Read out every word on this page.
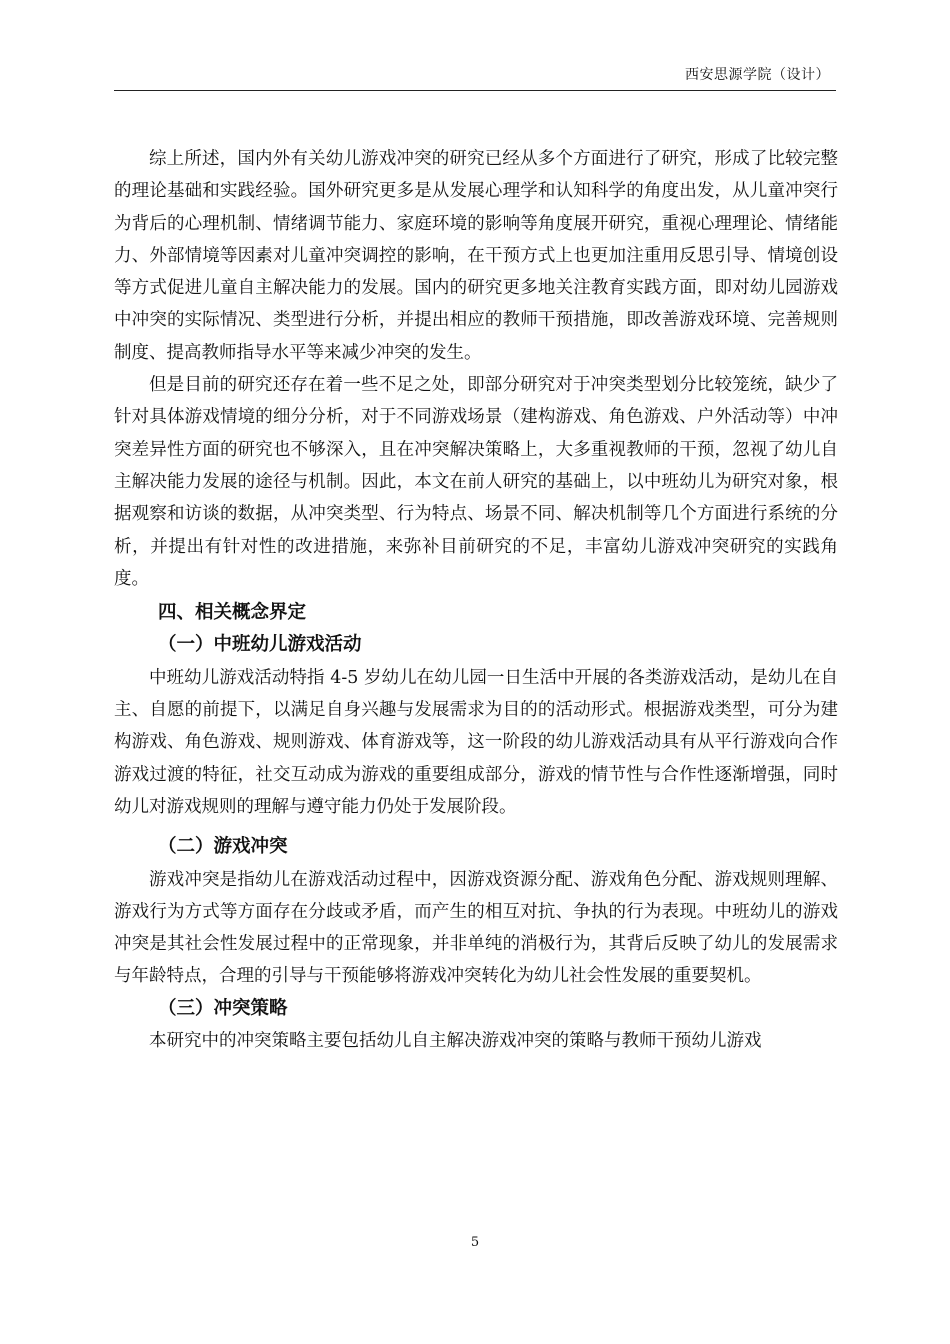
西安思源学院（设计）

综上所述，国内外有关幼儿游戏冲突的研究已经从多个方面进行了研究，形成了比较完整的理论基础和实践经验。国外研究更多是从发展心理学和认知科学的角度出发，从儿童冲突行为背后的心理机制、情绪调节能力、家庭环境的影响等角度展开研究，重视心理理论、情绪能力、外部情境等因素对儿童冲突调控的影响，在干预方式上也更加注重用反思引导、情境创设等方式促进儿童自主解决能力的发展。国内的研究更多地关注教育实践方面，即对幼儿园游戏中冲突的实际情况、类型进行分析，并提出相应的教师干预措施，即改善游戏环境、完善规则制度、提高教师指导水平等来减少冲突的发生。

但是目前的研究还存在着一些不足之处，即部分研究对于冲突类型划分比较笼统，缺少了针对具体游戏情境的细分分析，对于不同游戏场景（建构游戏、角色游戏、户外活动等）中冲突差异性方面的研究也不够深入，且在冲突解决策略上，大多重视教师的干预，忽视了幼儿自主解决能力发展的途径与机制。因此，本文在前人研究的基础上，以中班幼儿为研究对象，根据观察和访谈的数据，从冲突类型、行为特点、场景不同、解决机制等几个方面进行系统的分析，并提出有针对性的改进措施，来弥补目前研究的不足，丰富幼儿游戏冲突研究的实践角度。

四、相关概念界定
（一）中班幼儿游戏活动

中班幼儿游戏活动特指 4-5 岁幼儿在幼儿园一日生活中开展的各类游戏活动，是幼儿在自主、自愿的前提下，以满足自身兴趣与发展需求为目的的活动形式。根据游戏类型，可分为建构游戏、角色游戏、规则游戏、体育游戏等，这一阶段的幼儿游戏活动具有从平行游戏向合作游戏过渡的特征，社交互动成为游戏的重要组成部分，游戏的情节性与合作性逐渐增强，同时幼儿对游戏规则的理解与遵守能力仍处于发展阶段。

（二）游戏冲突

游戏冲突是指幼儿在游戏活动过程中，因游戏资源分配、游戏角色分配、游戏规则理解、游戏行为方式等方面存在分歧或矛盾，而产生的相互对抗、争执的行为表现。中班幼儿的游戏冲突是其社会性发展过程中的正常现象，并非单纯的消极行为，其背后反映了幼儿的发展需求与年龄特点，合理的引导与干预能够将游戏冲突转化为幼儿社会性发展的重要契机。

（三）冲突策略

本研究中的冲突策略主要包括幼儿自主解决游戏冲突的策略与教师干预幼儿游戏

5
